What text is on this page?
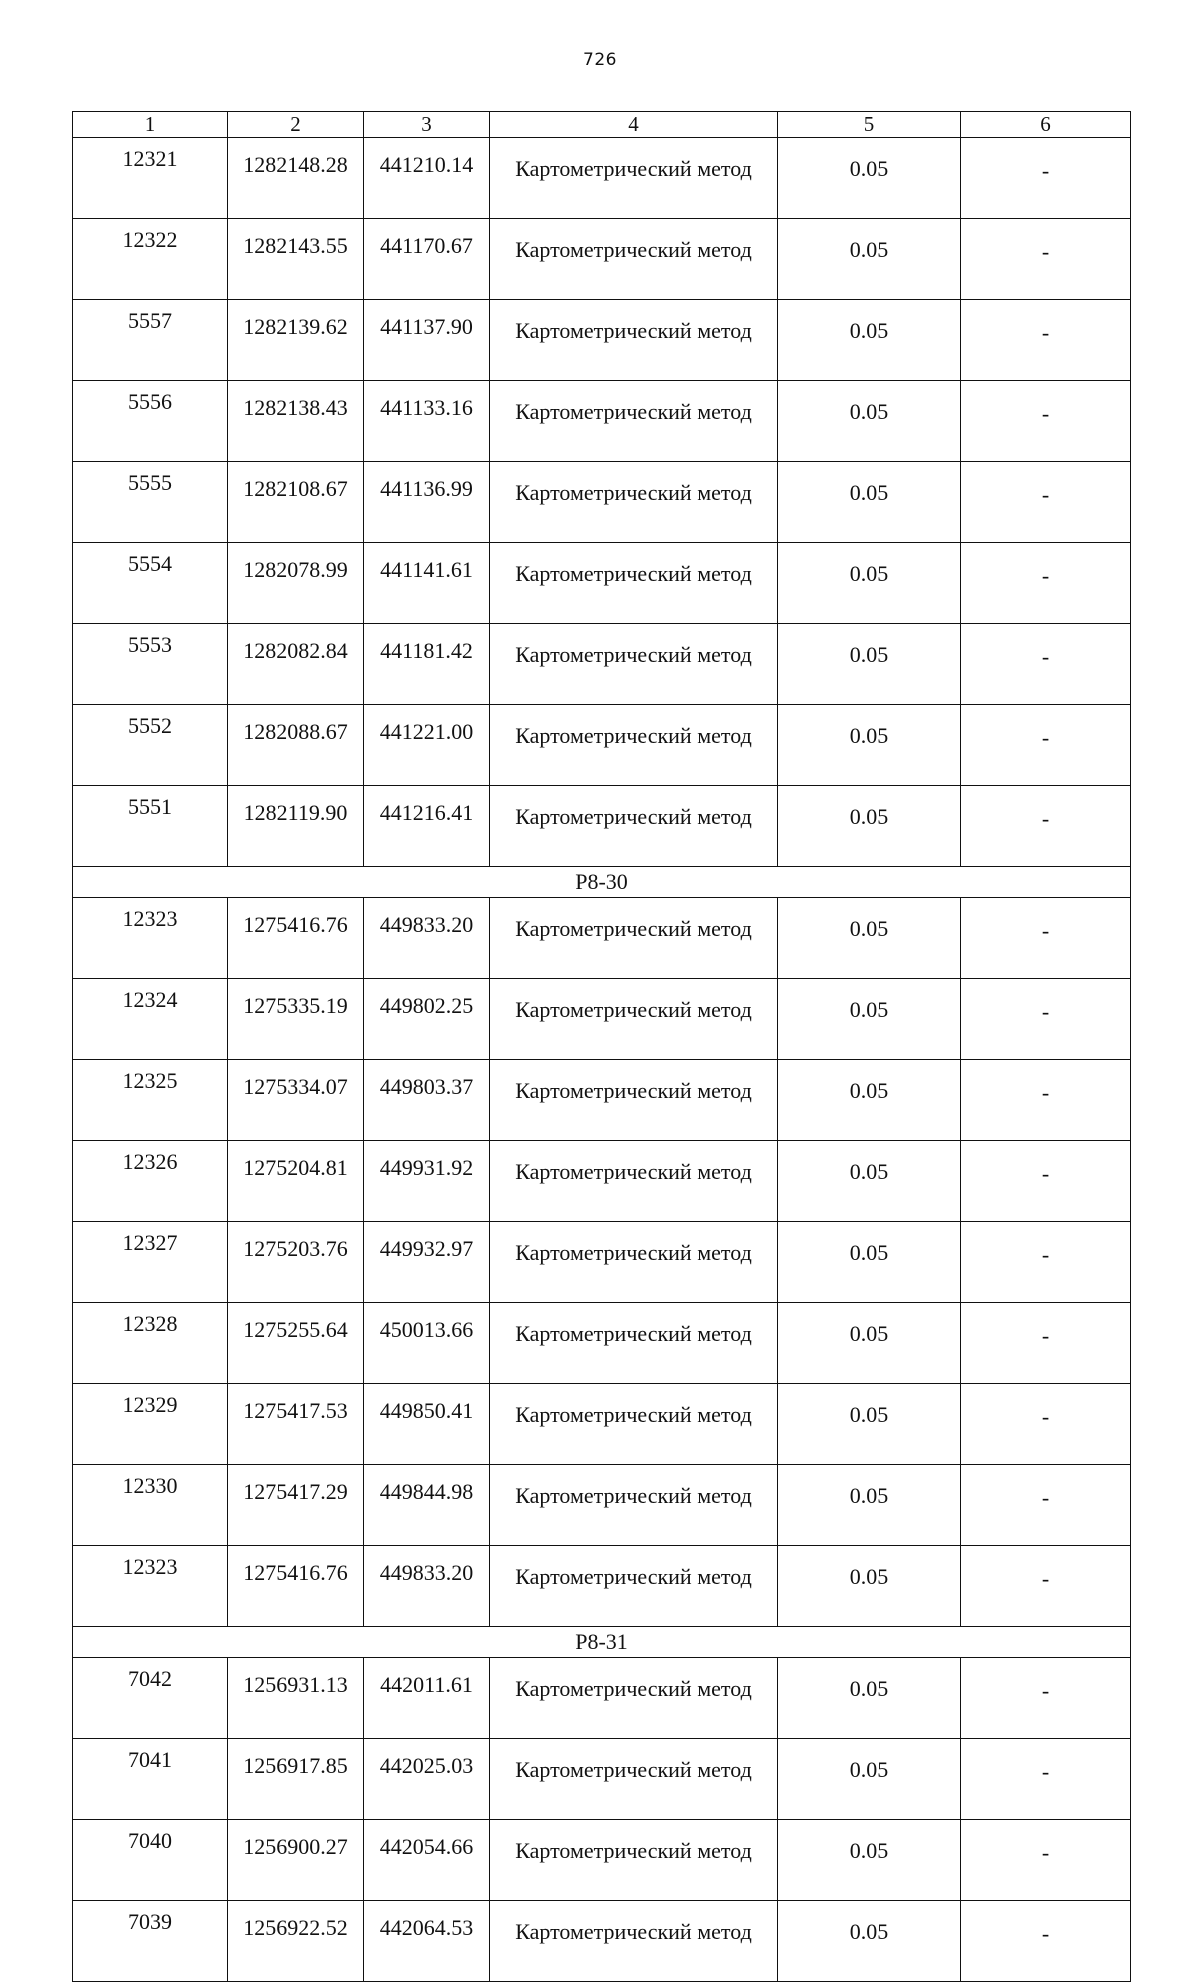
726
1	2	3	4	5	6
12321	1282148.28	441210.14	Картометрический метод	0.05	-
12322	1282143.55	441170.67	Картометрический метод	0.05	-
5557	1282139.62	441137.90	Картометрический метод	0.05	-
5556	1282138.43	441133.16	Картометрический метод	0.05	-
5555	1282108.67	441136.99	Картометрический метод	0.05	-
5554	1282078.99	441141.61	Картометрический метод	0.05	-
5553	1282082.84	441181.42	Картометрический метод	0.05	-
5552	1282088.67	441221.00	Картометрический метод	0.05	-
5551	1282119.90	441216.41	Картометрический метод	0.05	-
Р8-30					
12323	1275416.76	449833.20	Картометрический метод	0.05	-
12324	1275335.19	449802.25	Картометрический метод	0.05	-
12325	1275334.07	449803.37	Картометрический метод	0.05	-
12326	1275204.81	449931.92	Картометрический метод	0.05	-
12327	1275203.76	449932.97	Картометрический метод	0.05	-
12328	1275255.64	450013.66	Картометрический метод	0.05	-
12329	1275417.53	449850.41	Картометрический метод	0.05	-
12330	1275417.29	449844.98	Картометрический метод	0.05	-
12323	1275416.76	449833.20	Картометрический метод	0.05	-
Р8-31					
7042	1256931.13	442011.61	Картометрический метод	0.05	-
7041	1256917.85	442025.03	Картометрический метод	0.05	-
7040	1256900.27	442054.66	Картометрический метод	0.05	-
7039	1256922.52	442064.53	Картометрический метод	0.05	-
